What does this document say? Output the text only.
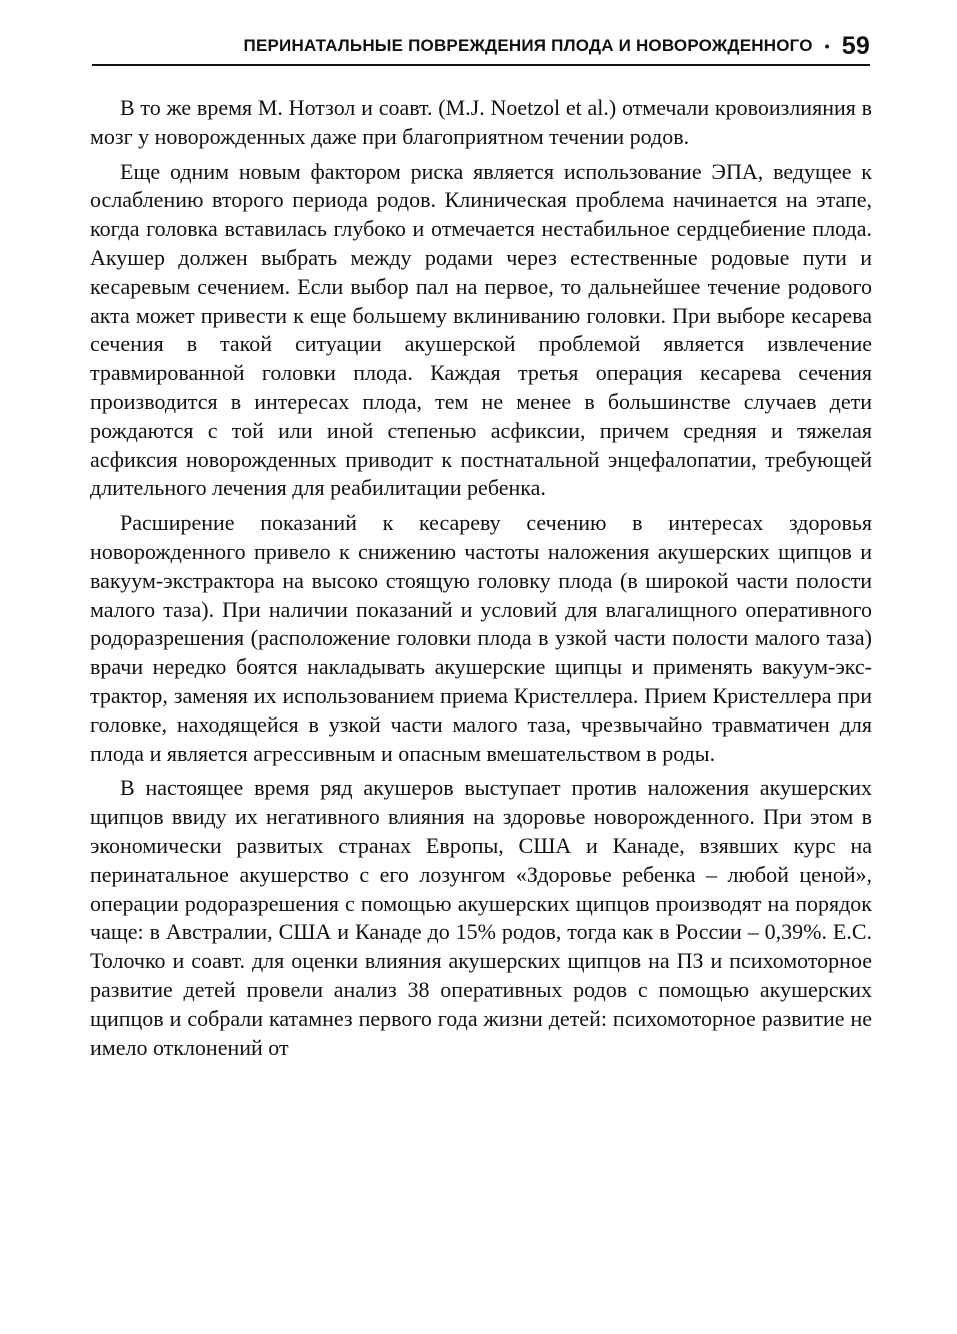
ПЕРИНАТАЛЬНЫЕ ПОВРЕЖДЕНИЯ ПЛОДА И НОВОРОЖДЕННОГО • 59

В то же время М. Нотзол и соавт. (M.J. Noetzol et al.) отмечали кровоизлияния в мозг у новорожденных даже при благоприятном течении родов.

Еще одним новым фактором риска является использование ЭПА, ведущее к ослаблению второго периода родов. Клиническая проблема начинается на этапе, когда головка вставилась глубоко и отмечается нестабильное сердцебиение плода. Акушер должен выбрать между родами через естественные родовые пути и кесаревым сечением. Если выбор пал на первое, то дальнейшее течение родового акта может привести к еще большему вклиниванию головки. При выборе кесарева сечения в такой ситуации акушерской проблемой является извлечение травмированной головки плода. Каждая третья операция кесарева сечения производится в интересах плода, тем не менее в большинстве случаев дети рождаются с той или иной степенью асфиксии, причем средняя и тяжелая асфиксия новорожденных приводит к постнатальной энцефалопатии, требующей длительного лечения для реабилитации ребенка.

Расширение показаний к кесареву сечению в интересах здоровья новорожденного привело к снижению частоты наложения акушерских щипцов и вакуум-экстрактора на высоко стоящую головку плода (в широкой части полости малого таза). При наличии показаний и условий для влагалищного оперативного родоразрешения (расположение головки плода в узкой части полости малого таза) врачи нередко боятся накладывать акушерские щипцы и применять вакуум-экстрактор, заменяя их использованием приема Кристеллера. Прием Кристеллера при головке, находящейся в узкой части малого таза, чрезвычайно травматичен для плода и является агрессивным и опасным вмешательством в роды.

В настоящее время ряд акушеров выступает против наложения акушерских щипцов ввиду их негативного влияния на здоровье новорожденного. При этом в экономически развитых странах Европы, США и Канаде, взявших курс на перинатальное акушерство с его лозунгом «Здоровье ребенка – любой ценой», операции родоразрешения с помощью акушерских щипцов производят на порядок чаще: в Австралии, США и Канаде до 15% родов, тогда как в России – 0,39%. Е.С. Толочко и соавт. для оценки влияния акушерских щипцов на ПЗ и психомоторное развитие детей провели анализ 38 оперативных родов с помощью акушерских щипцов и собрали катамнез первого года жизни детей: психомоторное развитие не имело отклонений от
